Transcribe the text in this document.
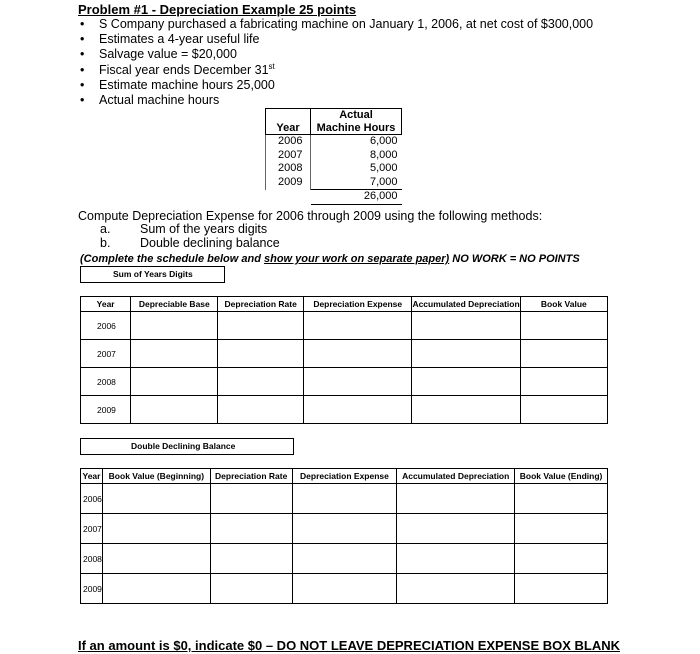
Problem #1 - Depreciation Example 25 points
• S Company purchased a fabricating machine on January 1, 2006, at net cost of $300,000
• Estimates a 4-year useful life
• Salvage value = $20,000
• Fiscal year ends December 31st
• Estimate machine hours 25,000
• Actual machine hours
Year	Actual
Machine Hours
2006	6,000
2007	8,000
2008	5,000
2009	7,000
	26,000
Compute Depreciation Expense for 2006 through 2009 using the following methods:
a. Sum of the years digits
b. Double declining balance
(Complete the schedule below and show your work on separate paper) NO WORK = NO POINTS
Sum of Years Digits
Year	Depreciable Base	Depreciation Rate	Depreciation Expense	Accumulated Depreciation	Book Value
2006					
2007					
2008					
2009					
Double Declining Balance
Year	Book Value (Beginning)	Depreciation Rate	Depreciation Expense	Accumulated Depreciation	Book Value (Ending)
2006					
2007					
2008					
2009					
If an amount is $0, indicate $0 – DO NOT LEAVE DEPRECIATION EXPENSE BOX BLANK
